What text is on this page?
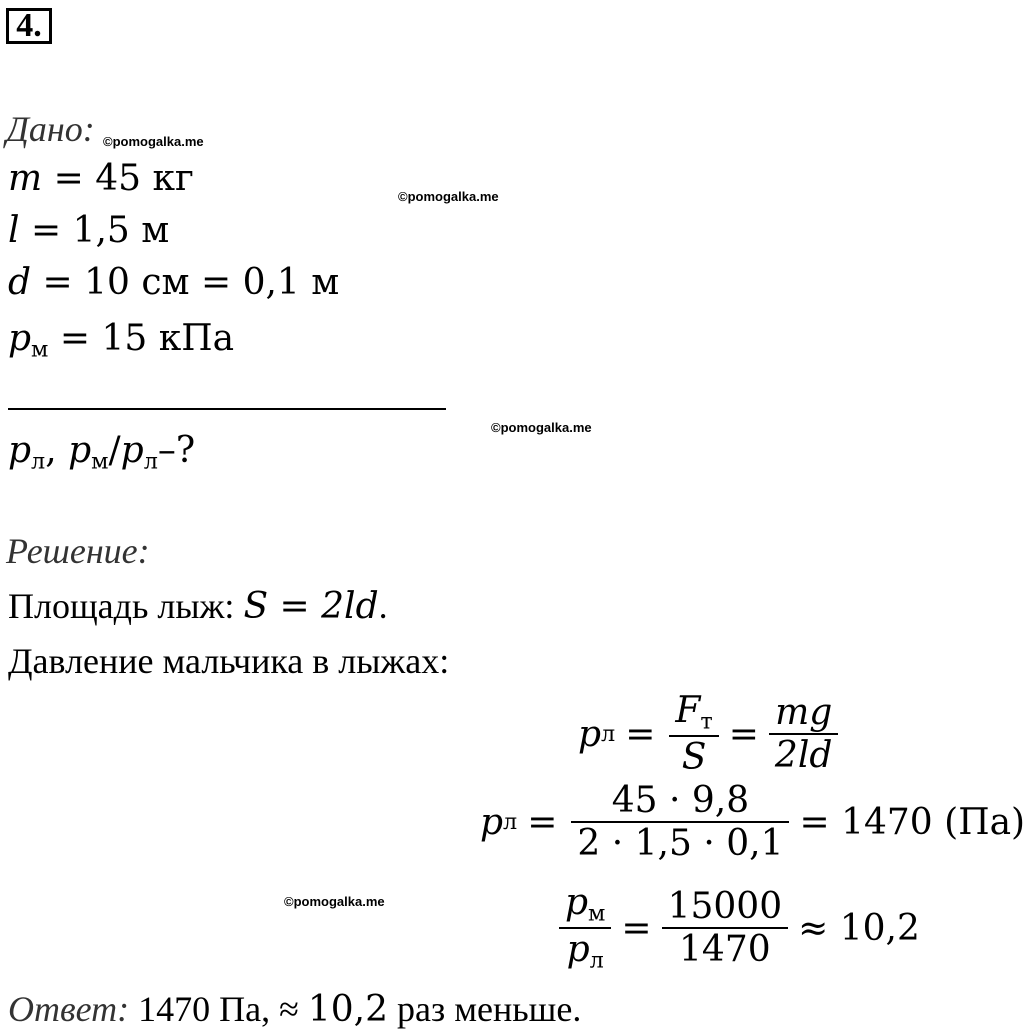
4.
Дано: ©pomogalka.me
m = 45 кг	©pomogalka.me
l = 1,5 м
d = 10 см = 0,1 м
$p_м = 15$ кПа
©pomogalka.me
$p_л$, $p_м/p_л-$?
Решение:
Площадь лыж: S = 2ld.
Давление мальчика в лыжах:
p $л = \frac{F_т}{S} = \frac{mg}{2ld}$
p $л = \frac{45 \cdot 9,8}{2 \cdot 1,5 \cdot 0,1} = 1470$ (Па)
©pomogalka.me	$\frac{p_м}{p_л} = \frac{15000}{1470} \approx 10,2$
Ответ: 1470 Па, ≈ 10,2 раз меньше.
